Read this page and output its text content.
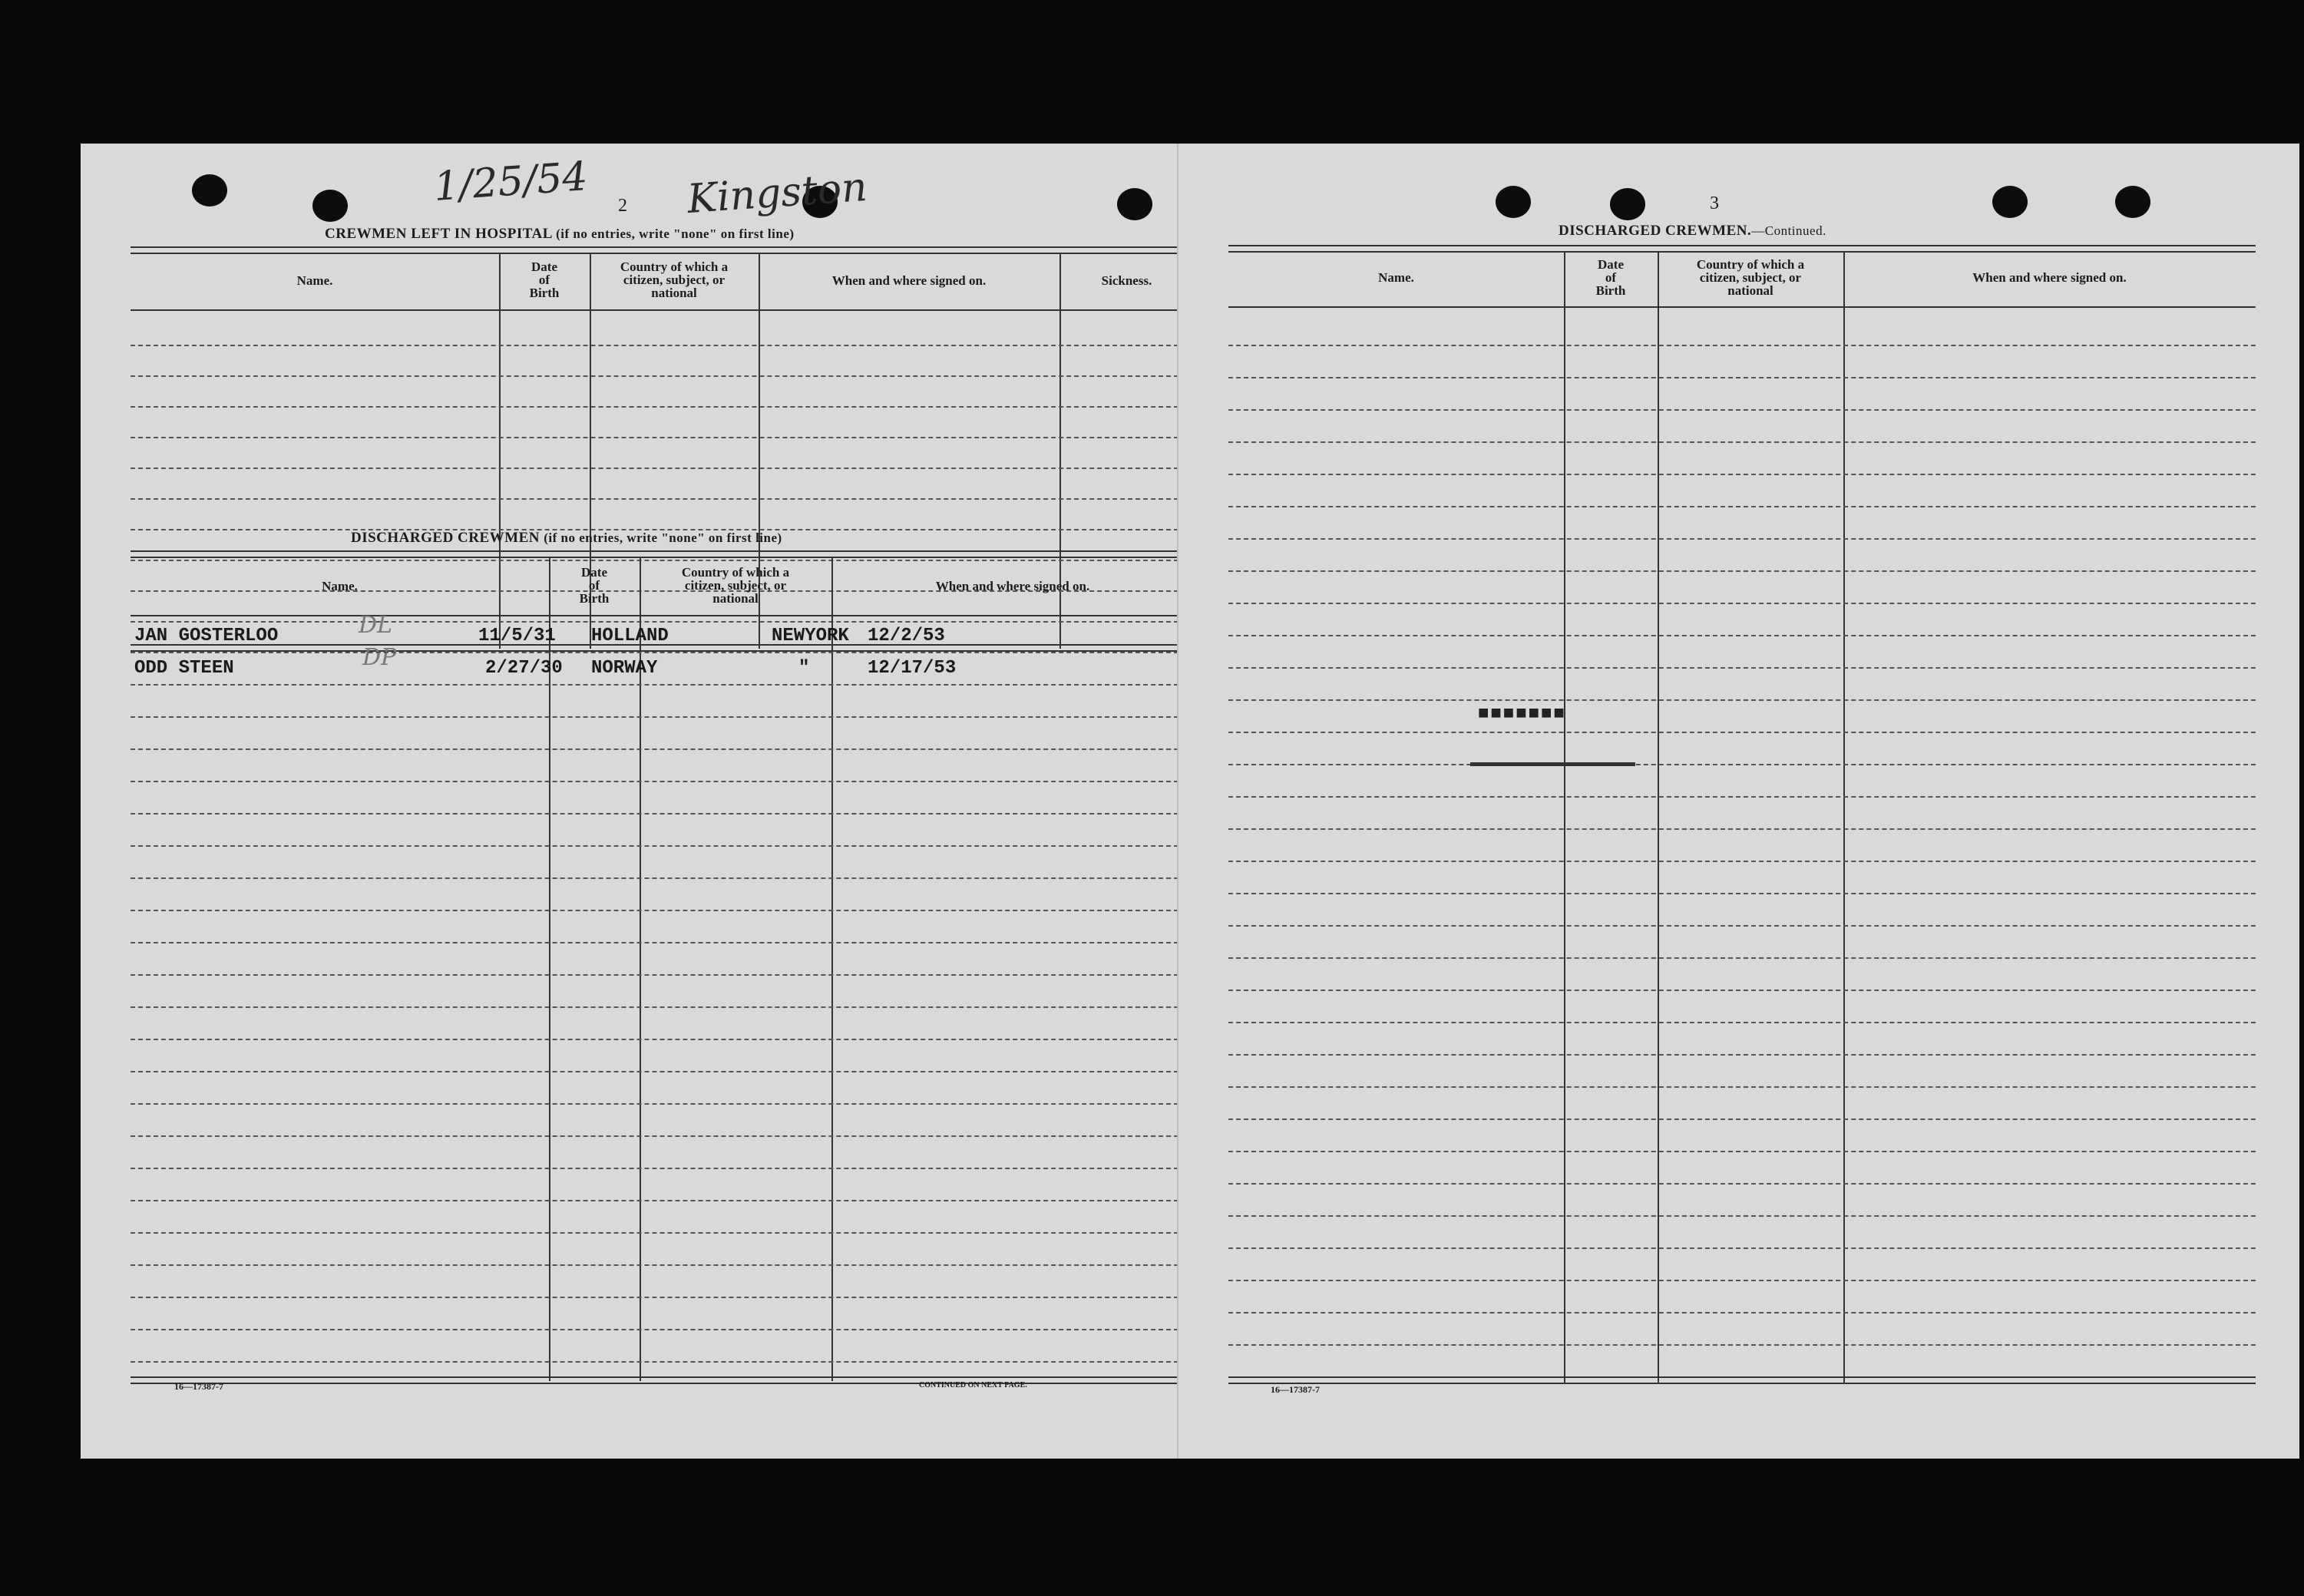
1/25/54 Kingston
2
CREWMEN LEFT IN HOSPITAL (if no entries, write "none" on first line)
Name.
Date
of
Birth
Country of which a
citizen, subject, or
national
When and where signed on.	Sickness.
DISCHARGED CREWMEN (if no entries, write "none" on first line)
Name.
Date
of
Birth
Country of which a
citizen, subject, or
national
When and where signed on.
JAN GOSTERLOO	DL	11/5/31 HOLLAND	NEWYORK 12/2/53
ODD STEEN	DP	2/27/30 NORWAY	"	12/17/53
16—17387-7	CONTINUED ON NEXT PAGE.
3
DISCHARGED CREWMEN.—Continued.
Name.
Date
of
Birth
Country of which a
citizen, subject, or
national
When and where signed on.
■■■■■■■
16—17387-7
